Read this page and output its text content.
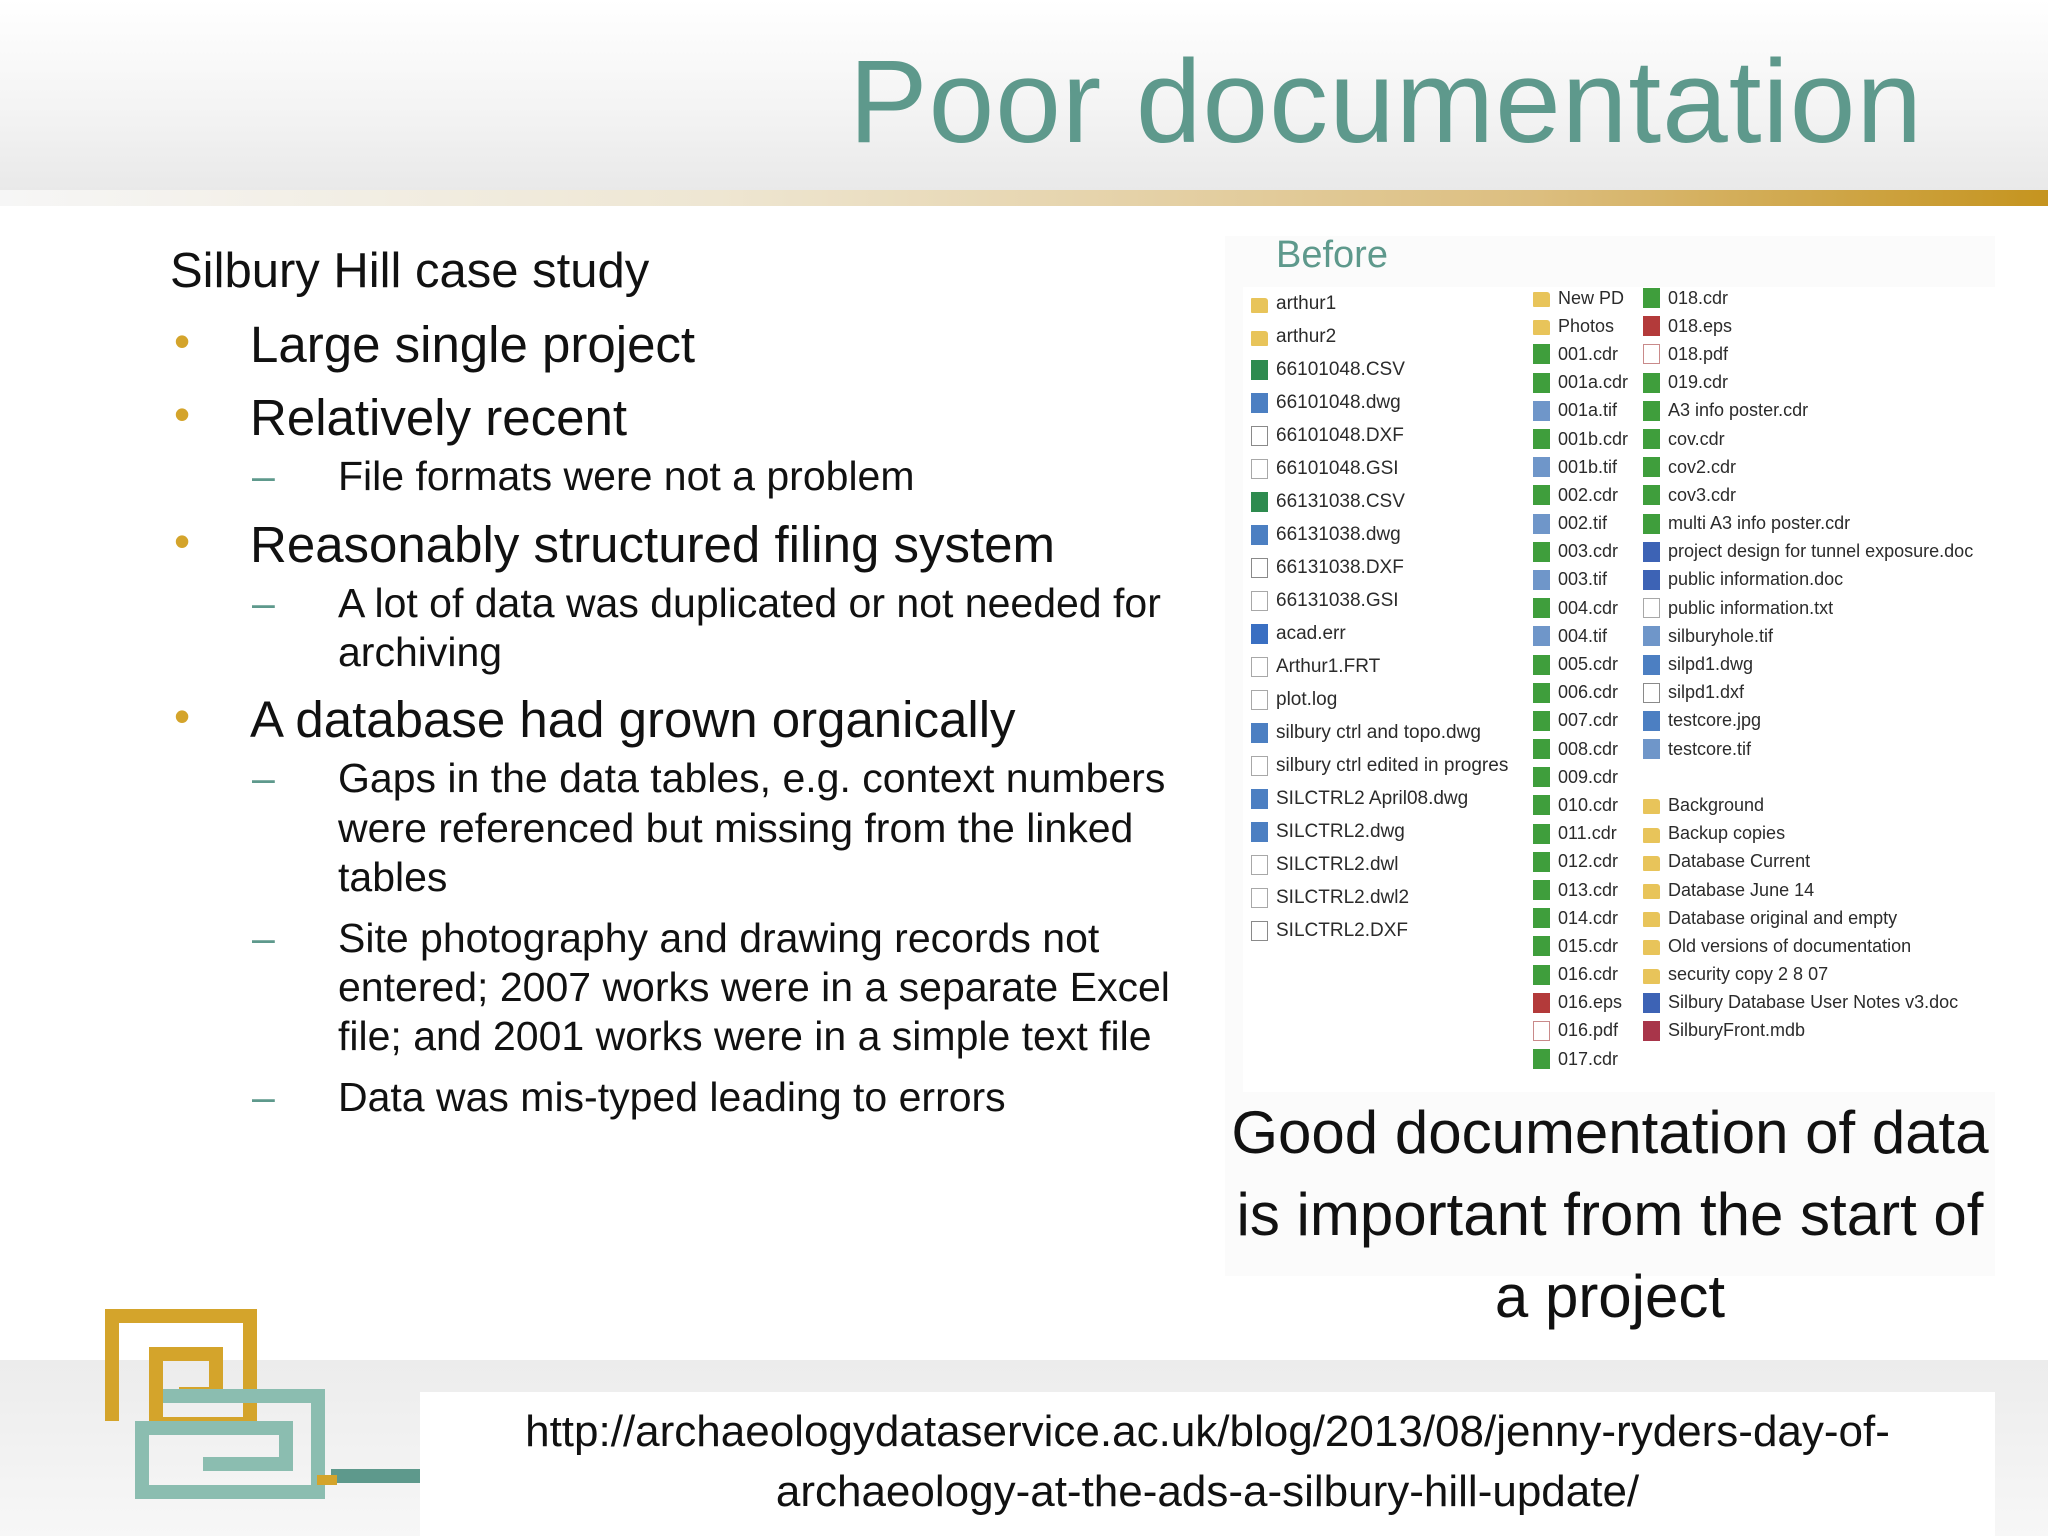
Poor documentation
Silbury Hill case study
• Large single project
• Relatively recent
– File formats were not a problem
• Reasonably structured filing system
– A lot of data was duplicated or not needed for archiving
• A database had grown organically
– Gaps in the data tables, e.g. context numbers were referenced but missing from the linked tables
– Site photography and drawing records not entered; 2007 works were in a separate Excel file; and 2001 works were in a simple text file
– Data was mis-typed leading to errors
Before
arthur1
arthur2
66101048.CSV
66101048.dwg
66101048.DXF
66101048.GSI
66131038.CSV
66131038.dwg
66131038.DXF
66131038.GSI
acad.err
Arthur1.FRT
plot.log
silbury ctrl and topo.dwg
silbury ctrl edited in progres
SILCTRL2 April08.dwg
SILCTRL2.dwg
SILCTRL2.dwl
SILCTRL2.dwl2
SILCTRL2.DXF
New PD
Photos
001.cdr
001a.cdr
001a.tif
001b.cdr
001b.tif
002.cdr
002.tif
003.cdr
003.tif
004.cdr
004.tif
005.cdr
006.cdr
007.cdr
008.cdr
009.cdr
010.cdr
011.cdr
012.cdr
013.cdr
014.cdr
015.cdr
016.cdr
016.eps
016.pdf
017.cdr
018.cdr
018.eps
018.pdf
019.cdr
A3 info poster.cdr
cov.cdr
cov2.cdr
cov3.cdr
multi A3 info poster.cdr
project design for tunnel exposure.doc
public information.doc
public information.txt
silburyhole.tif
silpd1.dwg
silpd1.dxf
testcore.jpg
testcore.tif
Background
Backup copies
Database Current
Database June 14
Database original and empty
Old versions of documentation
security copy 2 8 07
Silbury Database User Notes v3.doc
SilburyFront.mdb
Good documentation of data is important from the start of a project
http://archaeologydataservice.ac.uk/blog/2013/08/jenny-ryders-day-of-archaeology-at-the-ads-a-silbury-hill-update/
